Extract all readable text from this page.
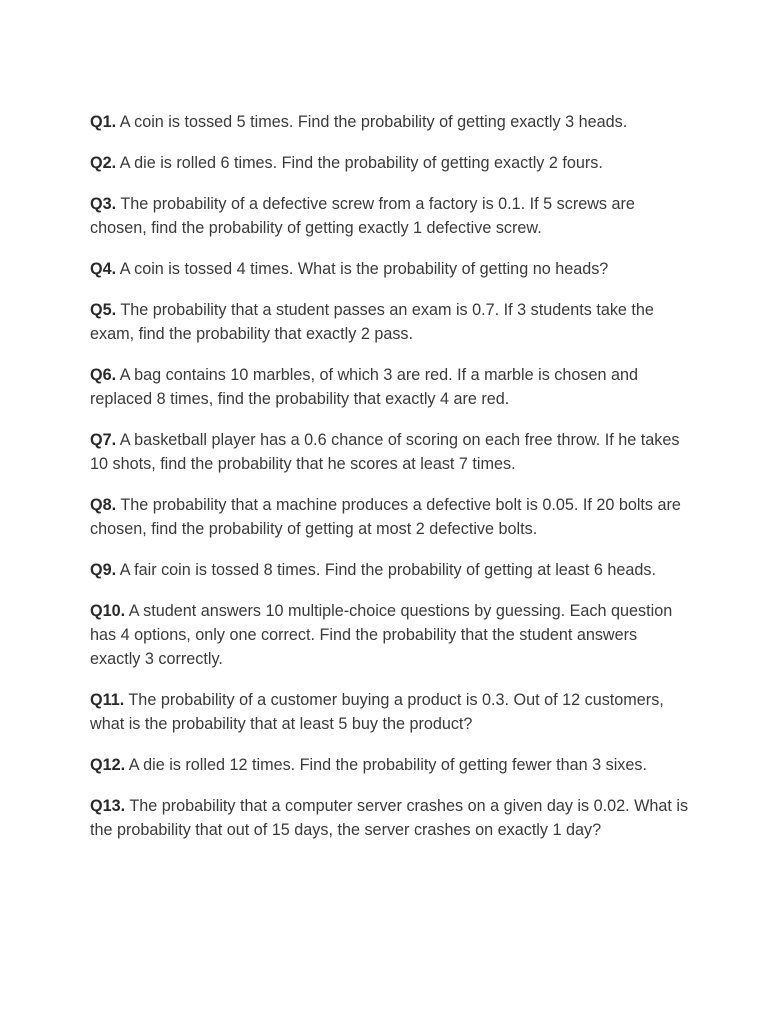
Q1. A coin is tossed 5 times. Find the probability of getting exactly 3 heads.

Q2. A die is rolled 6 times. Find the probability of getting exactly 2 fours.

Q3. The probability of a defective screw from a factory is 0.1. If 5 screws are chosen, find the probability of getting exactly 1 defective screw.

Q4. A coin is tossed 4 times. What is the probability of getting no heads?

Q5. The probability that a student passes an exam is 0.7. If 3 students take the exam, find the probability that exactly 2 pass.

Q6. A bag contains 10 marbles, of which 3 are red. If a marble is chosen and replaced 8 times, find the probability that exactly 4 are red.

Q7. A basketball player has a 0.6 chance of scoring on each free throw. If he takes 10 shots, find the probability that he scores at least 7 times.

Q8. The probability that a machine produces a defective bolt is 0.05. If 20 bolts are chosen, find the probability of getting at most 2 defective bolts.

Q9. A fair coin is tossed 8 times. Find the probability of getting at least 6 heads.

Q10. A student answers 10 multiple-choice questions by guessing. Each question has 4 options, only one correct. Find the probability that the student answers exactly 3 correctly.

Q11. The probability of a customer buying a product is 0.3. Out of 12 customers, what is the probability that at least 5 buy the product?

Q12. A die is rolled 12 times. Find the probability of getting fewer than 3 sixes.

Q13. The probability that a computer server crashes on a given day is 0.02. What is the probability that out of 15 days, the server crashes on exactly 1 day?
